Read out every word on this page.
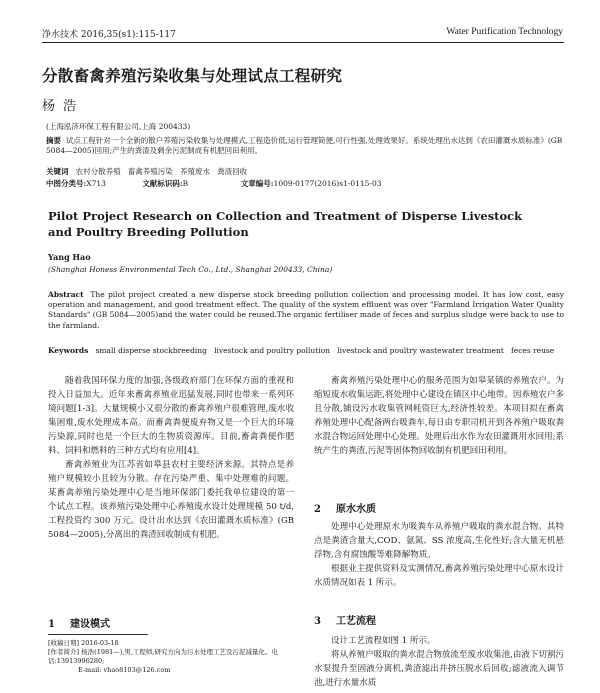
净水技术 2016,35(s1):115-117	Water Purification Technology
分散畜禽养殖污染收集与处理试点工程研究
杨浩
(上海泓济环保工程有限公司,上海 200433)
摘要 试点工程针对一个全新的散户养殖污染收集与处理模式,工程造价低,运行管理简便,可行性强,处理效果好。系统处理出水达到《农田灌溉水质标准》(GB 5084—2005)回用;产生的粪渣及剩余污泥制成有机肥回田利用。
关键词 农村分散养殖 畜禽养殖污染 养殖废水 粪渣回收
中图分类号:X713	文献标识码:B	文章编号:1009-0177(2016)s1-0115-03
Pilot Project Research on Collection and Treatment of Disperse Livestock and Poultry Breeding Pollution
Yang Hao
(Shanghai Honess Environmental Tech Co., Ltd., Shanghai 200433, China)
Abstract The pilot project created a new disperse stock breeding pollution collection and processing model. It has low cost, easy operation and management, and good treatment effect. The quality of the system effluent was over "Farmland Irrigation Water Quality Standards" (GB 5084—2005)and the water could be reused.The organic fertiliser made of feces and surplus sludge were back to use to the farmland.
Keywords small disperse stockbreeding livestock and poultry pollution livestock and poultry wastewater treatment feces reuse

随着我国环保力度的加强,各级政府部门在环保方面的重视和投入日益加大。近年来畜禽养殖业迅猛发展,同时也带来一系列环境问题[1-3]。大量规模小又很分散的畜禽养殖户很难管理,废水收集困难,废水处理成本高。而畜禽粪便废弃物又是一个巨大的环境污染源,同时也是一个巨大的生物质资源库。目前,畜禽粪便作肥料、饲料和燃料的三种方式均有应用[4]。

畜禽养殖业为江苏省如皋县农村主要经济来源。其特点是养殖户规模较小且较为分散。存在污染严重、集中处理难的问题。某畜禽养殖污染处理中心是当地环保部门委托我单位建设的第一个试点工程。该养殖污染处理中心养殖废水设计处理规模 50 t/d,工程投资约 300 万元。设计出水达到《农田灌溉水质标准》(GB 5084—2005),分离出的粪渣回收制成有机肥。

1 建设模式
[收稿日期] 2016-03-18
[作者简介] 杨浩(1981—),男,工程师,研究方向为污水处理工艺及污泥减量化。电话:13913996280;
E-mail: vhao8103@126.com

畜禽养殖污染处理中心的服务范围为如皋某镇的养殖农户。为缩短废水收集运距,将处理中心建设在镇区中心地带。因养殖农户多且分散,铺设污水收集管网耗资巨大,经济性较差。本项目拟在畜禽养殖处理中心配备两台吸粪车,每日由专职司机开到各养殖户吸取粪水混合物运回处理中心处理。处理后出水作为农田灌溉用水回用;系统产生的粪渣,污泥等固体物回收制有机肥回田利用。

2 原水水质

处理中心处理原水为吸粪车从养殖户吸取的粪水混合物。其特点是粪渣含量大,COD、氨氮、SS 浓度高,生化性好;含大量无机悬浮物,含有腐蚀酸等难降解物质。

根据业主提供资料及实测情况,畜禽养殖污染处理中心原水设计水质情况如表 1 所示。

3 工艺流程

设计工艺流程如图 1 所示。

将从养殖户吸取的粪水混合物放流至废水收集池,由液下切割污水泵提升至固液分离机,粪渣滤出并挤压脱水后回收;滤液流入调节池,进行水量水质
